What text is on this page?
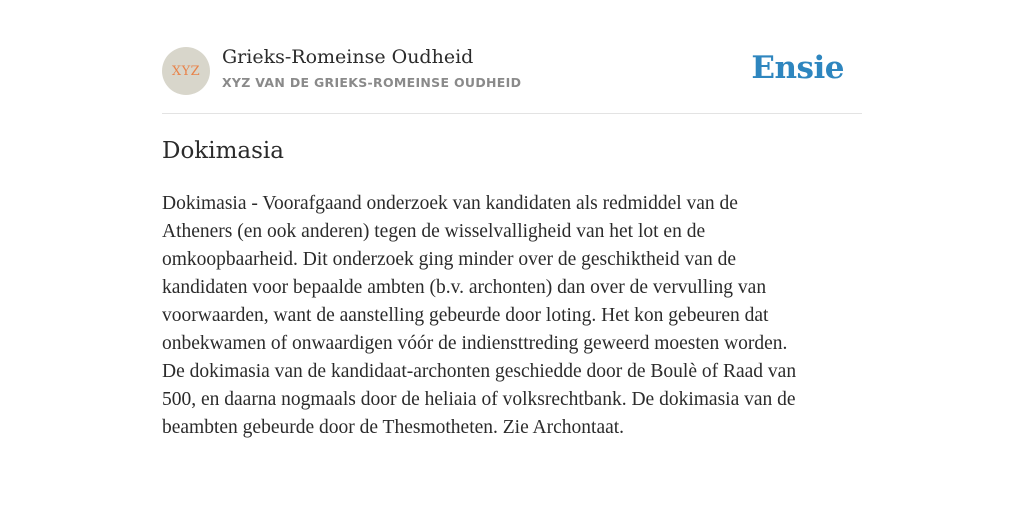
XYZ
Grieks-Romeinse Oudheid
XYZ VAN DE GRIEKS-ROMEINSE OUDHEID	Ensie
Dokimasia

Dokimasia - Voorafgaand onderzoek van kandidaten als redmiddel van de
Atheners (en ook anderen) tegen de wisselvalligheid van het lot en de
omkoopbaarheid. Dit onderzoek ging minder over de geschiktheid van de
kandidaten voor bepaalde ambten (b.v. archonten) dan over de vervulling van
voorwaarden, want de aanstelling gebeurde door loting. Het kon gebeuren dat
onbekwamen of onwaardigen vóór de indiensttreding geweerd moesten worden.
De dokimasia van de kandidaat-archonten geschiedde door de Boulè of Raad van
500, en daarna nogmaals door de heliaia of volksrechtbank. De dokimasia van de
beambten gebeurde door de Thesmotheten. Zie Archontaat.
